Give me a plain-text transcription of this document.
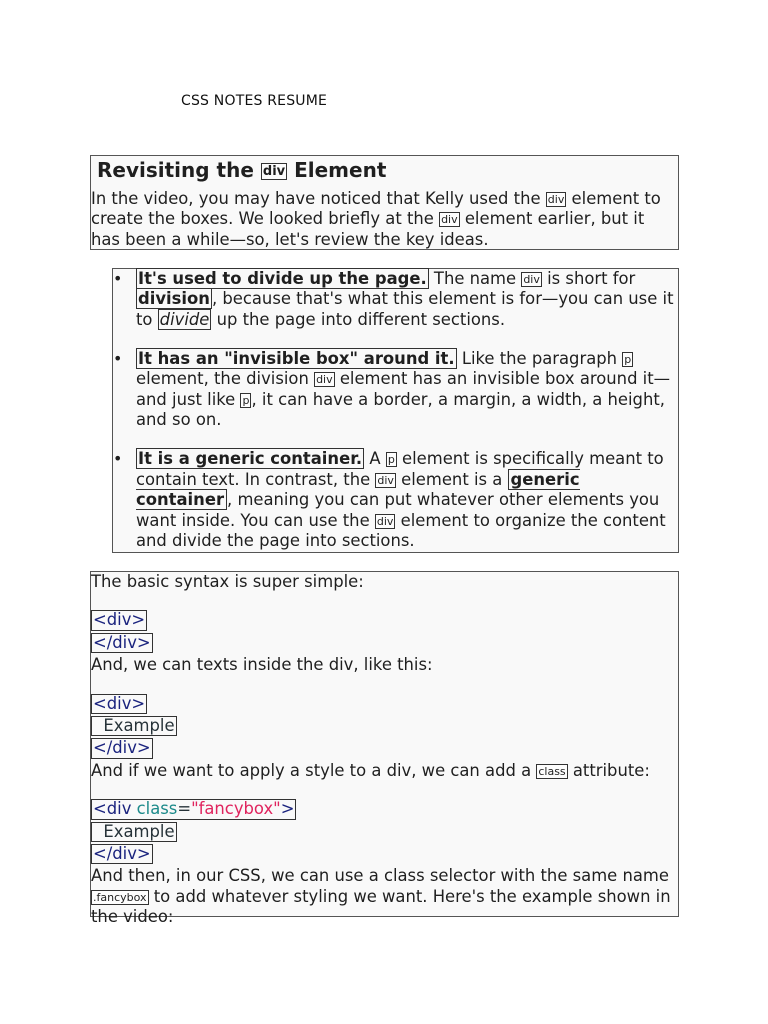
CSS NOTES RESUME
Revisiting the div Element

In the video, you may have noticed that Kelly used the div element to create the boxes. We looked briefly at the div element earlier, but it has been a while—so, let's review the key ideas.

• It's used to divide up the page. The name div is short for division , because that's what this element is for—you can use it to divide up the page into different sections.
• It has an "invisible box" around it. Like the paragraph p element, the division div element has an invisible box around it—and just like p , it can have a border, a margin, a width, a height, and so on.
• It is a generic container. A p element is specifically meant to contain text. In contrast, the div element is a generic container , meaning you can put whatever other elements you want inside. You can use the div element to organize the content and divide the page into sections.

The basic syntax is super simple:

<div>
</div>

And, we can texts inside the div, like this:

<div>
Example
</div>

And if we want to apply a style to a div, we can add a class attribute:

<div class="fancybox">
Example
</div>

And then, in our CSS, we can use a class selector with the same name .fancybox to add whatever styling we want. Here's the example shown in the video:
